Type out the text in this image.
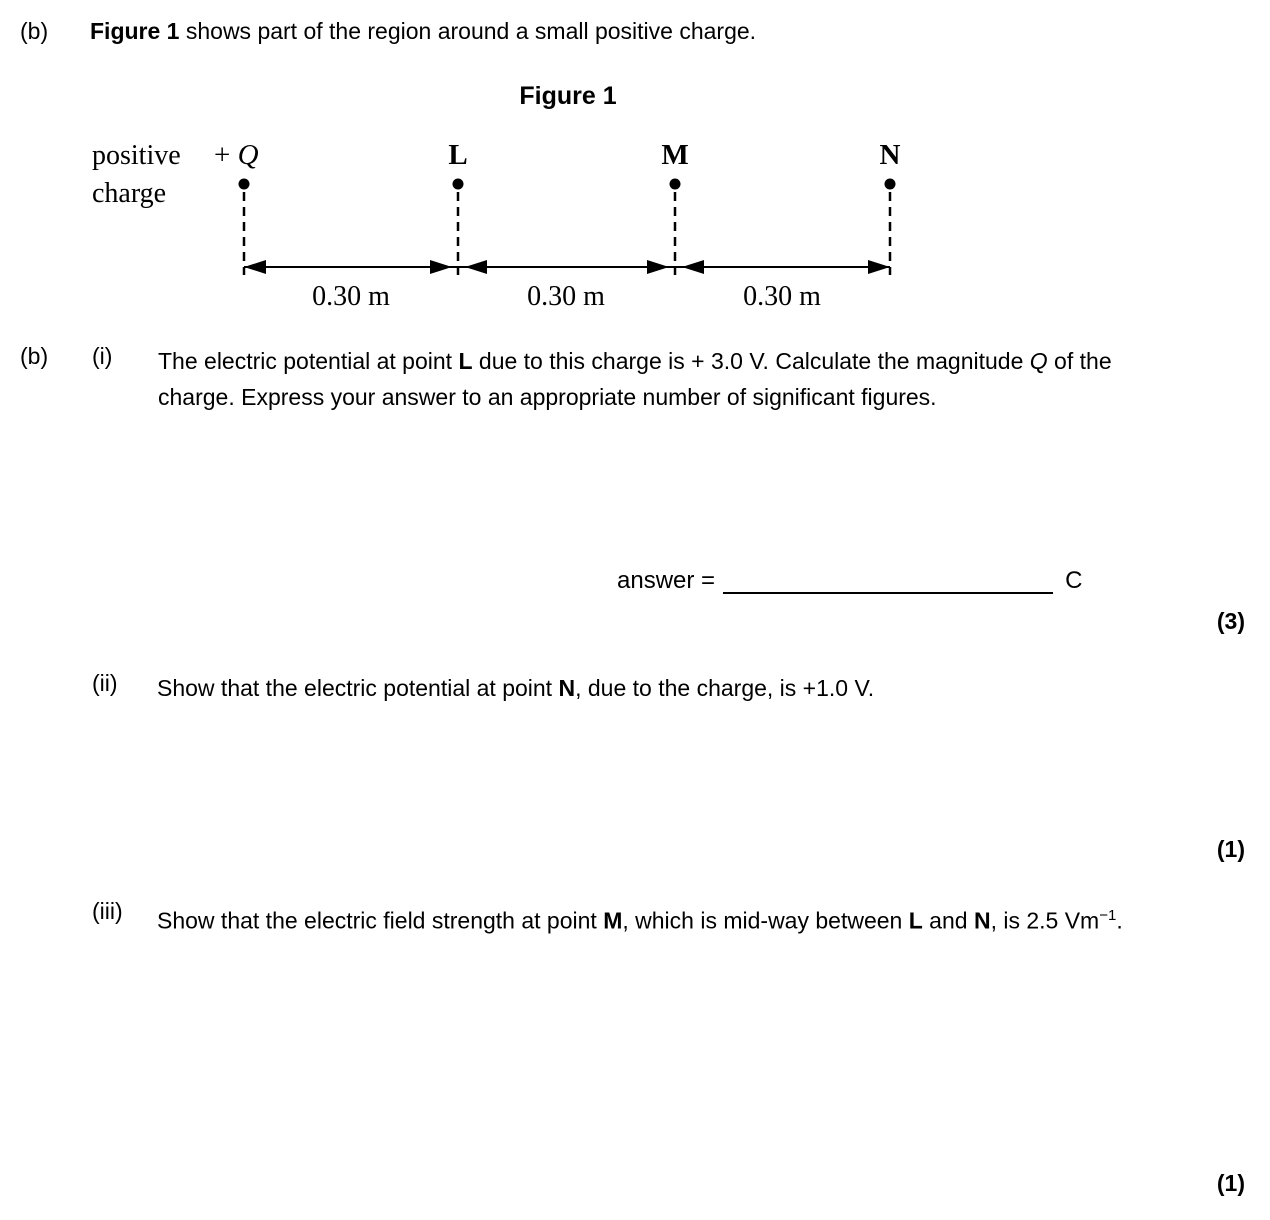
(b) Figure 1 shows part of the region around a small positive charge.
Figure 1
positive
charge
+ Q	L	M	N
0.30 m	0.30 m	0.30 m
(b) (i) The electric potential at point L due to this charge is + 3.0 V. Calculate the magnitude Q of the charge. Express your answer to an appropriate number of significant figures.
answer =	C
(3)
(ii) Show that the electric potential at point N, due to the charge, is +1.0 V.
(1)
(iii) Show that the electric field strength at point M, which is mid-way between L and N, is 2.5 $Vm^{-1}$.
(1)
